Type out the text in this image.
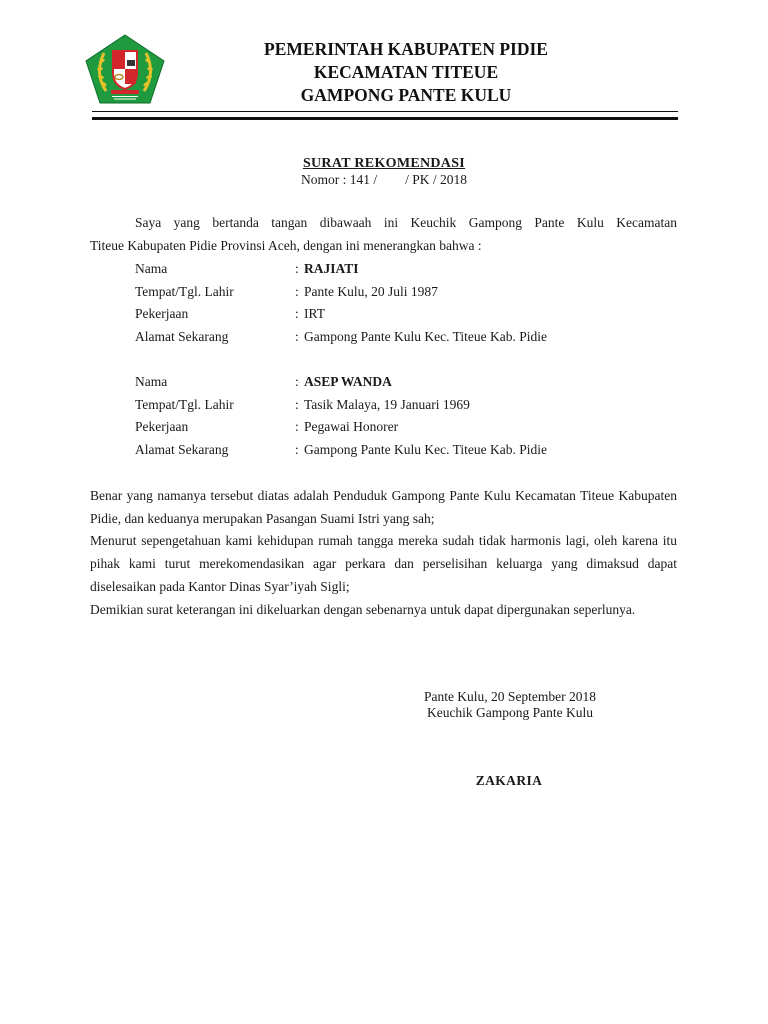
PEMERINTAH KABUPATEN PIDIE
KECAMATAN TITEUE
GAMPONG PANTE KULU
SURAT REKOMENDASI
Nomor : 141 / / PK / 2018
Saya yang bertanda tangan dibawaah ini Keuchik Gampong Pante Kulu Kecamatan
Titeue Kabupaten Pidie Provinsi Aceh, dengan ini menerangkan bahwa :
Nama	: RAJIATI
Tempat/Tgl. Lahir	: Pante Kulu, 20 Juli 1987
Pekerjaan	: IRT
Alamat Sekarang	: Gampong Pante Kulu Kec. Titeue Kab. Pidie
Nama	: ASEP WANDA
Tempat/Tgl. Lahir	: Tasik Malaya, 19 Januari 1969
Pekerjaan	: Pegawai Honorer
Alamat Sekarang	: Gampong Pante Kulu Kec. Titeue Kab. Pidie

Benar yang namanya tersebut diatas adalah Penduduk Gampong Pante Kulu Kecamatan Titeue Kabupaten Pidie, dan keduanya merupakan Pasangan Suami Istri yang sah;

Menurut sepengetahuan kami kehidupan rumah tangga mereka sudah tidak harmonis lagi, oleh karena itu pihak kami turut merekomendasikan agar perkara dan perselisihan keluarga yang dimaksud dapat diselesaikan pada Kantor Dinas Syar’iyah Sigli;

Demikian surat keterangan ini dikeluarkan dengan sebenarnya untuk dapat dipergunakan seperlunya.

Pante Kulu, 20 September 2018
Keuchik Gampong Pante Kulu
ZAKARIA
